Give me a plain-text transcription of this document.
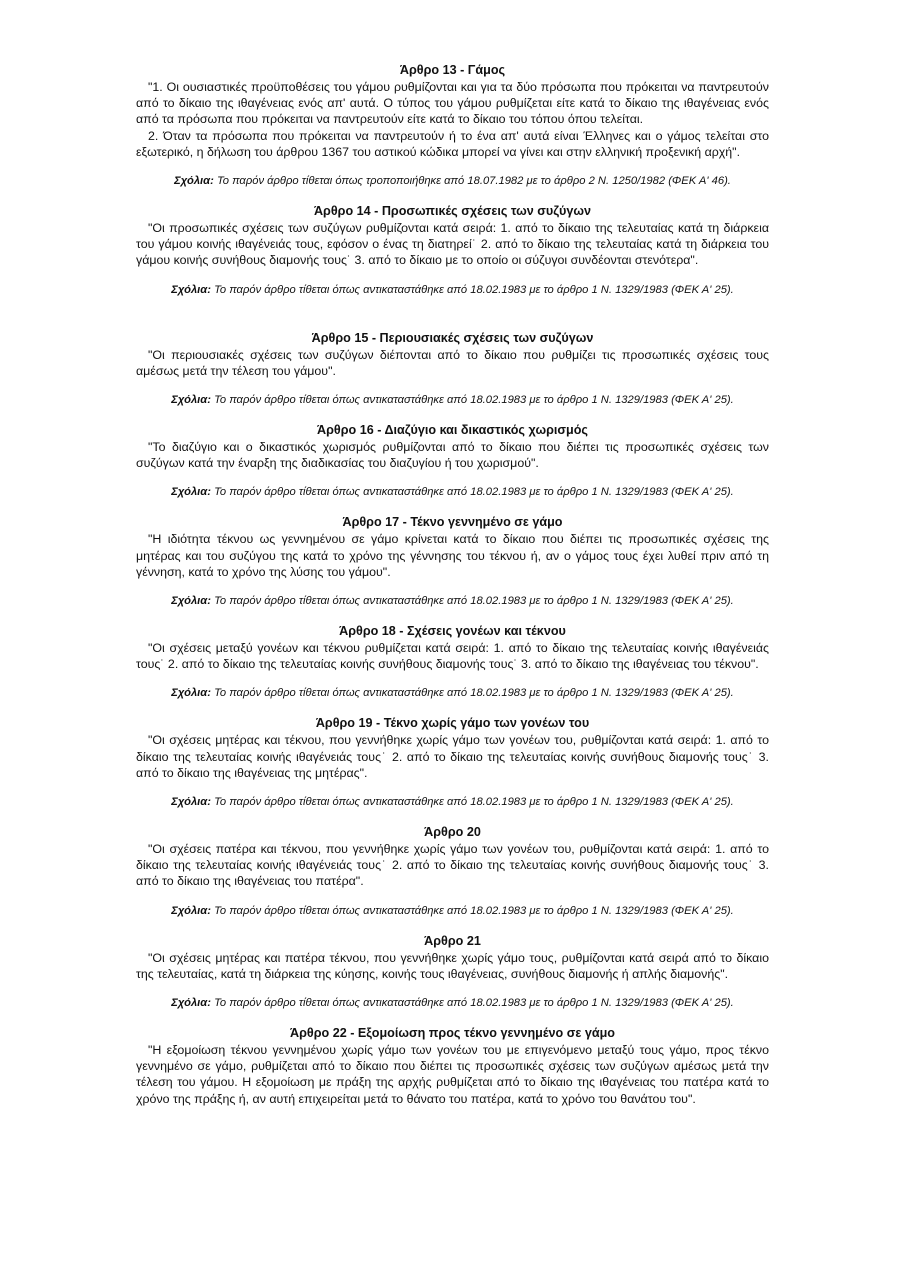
Άρθρο 13 - Γάμος

"1. Οι ουσιαστικές προϋποθέσεις του γάμου ρυθμίζονται και για τα δύο πρόσωπα που πρόκειται να παντρευτούν από το δίκαιο της ιθαγένειας ενός απ' αυτά. Ο τύπος του γάμου ρυθμίζεται είτε κατά το δίκαιο της ιθαγένειας ενός από τα πρόσωπα που πρόκειται να παντρευτούν είτε κατά το δίκαιο του τόπου όπου τελείται.

2. Όταν τα πρόσωπα που πρόκειται να παντρευτούν ή το ένα απ' αυτά είναι Έλληνες και ο γάμος τελείται στο εξωτερικό, η δήλωση του άρθρου 1367 του αστικού κώδικα μπορεί να γίνει και στην ελληνική προξενική αρχή".

Σχόλια: Το παρόν άρθρο τίθεται όπως τροποποιήθηκε από 18.07.1982 με το άρθρο 2 Ν. 1250/1982 (ΦΕΚ Α' 46).

Άρθρο 14 - Προσωπικές σχέσεις των συζύγων

"Οι προσωπικές σχέσεις των συζύγων ρυθμίζονται κατά σειρά: 1. από το δίκαιο της τελευταίας κατά τη διάρκεια του γάμου κοινής ιθαγένειάς τους, εφόσον ο ένας τη διατηρεί˙ 2. από το δίκαιο της τελευταίας κατά τη διάρκεια του γάμου κοινής συνήθους διαμονής τους˙ 3. από το δίκαιο με το οποίο οι σύζυγοι συνδέονται στενότερα".

Σχόλια: Το παρόν άρθρο τίθεται όπως αντικαταστάθηκε από 18.02.1983 με το άρθρο 1 Ν. 1329/1983 (ΦΕΚ Α' 25).

Άρθρο 15 - Περιουσιακές σχέσεις των συζύγων

"Οι περιουσιακές σχέσεις των συζύγων διέπονται από το δίκαιο που ρυθμίζει τις προσωπικές σχέσεις τους αμέσως μετά την τέλεση του γάμου".

Σχόλια: Το παρόν άρθρο τίθεται όπως αντικαταστάθηκε από 18.02.1983 με το άρθρο 1 Ν. 1329/1983 (ΦΕΚ Α' 25).

Άρθρο 16 - Διαζύγιο και δικαστικός χωρισμός

"Το διαζύγιο και ο δικαστικός χωρισμός ρυθμίζονται από το δίκαιο που διέπει τις προσωπικές σχέσεις των συζύγων κατά την έναρξη της διαδικασίας του διαζυγίου ή του χωρισμού".

Σχόλια: Το παρόν άρθρο τίθεται όπως αντικαταστάθηκε από 18.02.1983 με το άρθρο 1 Ν. 1329/1983 (ΦΕΚ Α' 25).

Άρθρο 17 - Τέκνο γεννημένο σε γάμο

"Η ιδιότητα τέκνου ως γεννημένου σε γάμο κρίνεται κατά το δίκαιο που διέπει τις προσωπικές σχέσεις της μητέρας και του συζύγου της κατά το χρόνο της γέννησης του τέκνου ή, αν ο γάμος τους έχει λυθεί πριν από τη γέννηση, κατά το χρόνο της λύσης του γάμου".

Σχόλια: Το παρόν άρθρο τίθεται όπως αντικαταστάθηκε από 18.02.1983 με το άρθρο 1 Ν. 1329/1983 (ΦΕΚ Α' 25).

Άρθρο 18 - Σχέσεις γονέων και τέκνου

"Οι σχέσεις μεταξύ γονέων και τέκνου ρυθμίζεται κατά σειρά: 1. από το δίκαιο της τελευταίας κοινής ιθαγένειάς τους˙ 2. από το δίκαιο της τελευταίας κοινής συνήθους διαμονής τους˙ 3. από το δίκαιο της ιθαγένειας του τέκνου".

Σχόλια: Το παρόν άρθρο τίθεται όπως αντικαταστάθηκε από 18.02.1983 με το άρθρο 1 Ν. 1329/1983 (ΦΕΚ Α' 25).

Άρθρο 19 - Τέκνο χωρίς γάμο των γονέων του

"Οι σχέσεις μητέρας και τέκνου, που γεννήθηκε χωρίς γάμο των γονέων του, ρυθμίζονται κατά σειρά: 1. από το δίκαιο της τελευταίας κοινής ιθαγένειάς τους˙ 2. από το δίκαιο της τελευταίας κοινής συνήθους διαμονής τους˙ 3. από το δίκαιο της ιθαγένειας της μητέρας".

Σχόλια: Το παρόν άρθρο τίθεται όπως αντικαταστάθηκε από 18.02.1983 με το άρθρο 1 Ν. 1329/1983 (ΦΕΚ Α' 25).

Άρθρο 20

"Οι σχέσεις πατέρα και τέκνου, που γεννήθηκε χωρίς γάμο των γονέων του, ρυθμίζονται κατά σειρά: 1. από το δίκαιο της τελευταίας κοινής ιθαγένειάς τους˙ 2. από το δίκαιο της τελευταίας κοινής συνήθους διαμονής τους˙ 3. από το δίκαιο της ιθαγένειας του πατέρα".

Σχόλια: Το παρόν άρθρο τίθεται όπως αντικαταστάθηκε από 18.02.1983 με το άρθρο 1 Ν. 1329/1983 (ΦΕΚ Α' 25).

Άρθρο 21

"Οι σχέσεις μητέρας και πατέρα τέκνου, που γεννήθηκε χωρίς γάμο τους, ρυθμίζονται κατά σειρά από το δίκαιο της τελευταίας, κατά τη διάρκεια της κύησης, κοινής τους ιθαγένειας, συνήθους διαμονής ή απλής διαμονής".

Σχόλια: Το παρόν άρθρο τίθεται όπως αντικαταστάθηκε από 18.02.1983 με το άρθρο 1 Ν. 1329/1983 (ΦΕΚ Α' 25).

Άρθρο 22 - Εξομοίωση προς τέκνο γεννημένο σε γάμο

"Η εξομοίωση τέκνου γεννημένου χωρίς γάμο των γονέων του με επιγενόμενο μεταξύ τους γάμο, προς τέκνο γεννημένο σε γάμο, ρυθμίζεται από το δίκαιο που διέπει τις προσωπικές σχέσεις των συζύγων αμέσως μετά την τέλεση του γάμου. Η εξομοίωση με πράξη της αρχής ρυθμίζεται από το δίκαιο της ιθαγένειας του πατέρα κατά το χρόνο της πράξης ή, αν αυτή επιχειρείται μετά το θάνατο του πατέρα, κατά το χρόνο του θανάτου του".
